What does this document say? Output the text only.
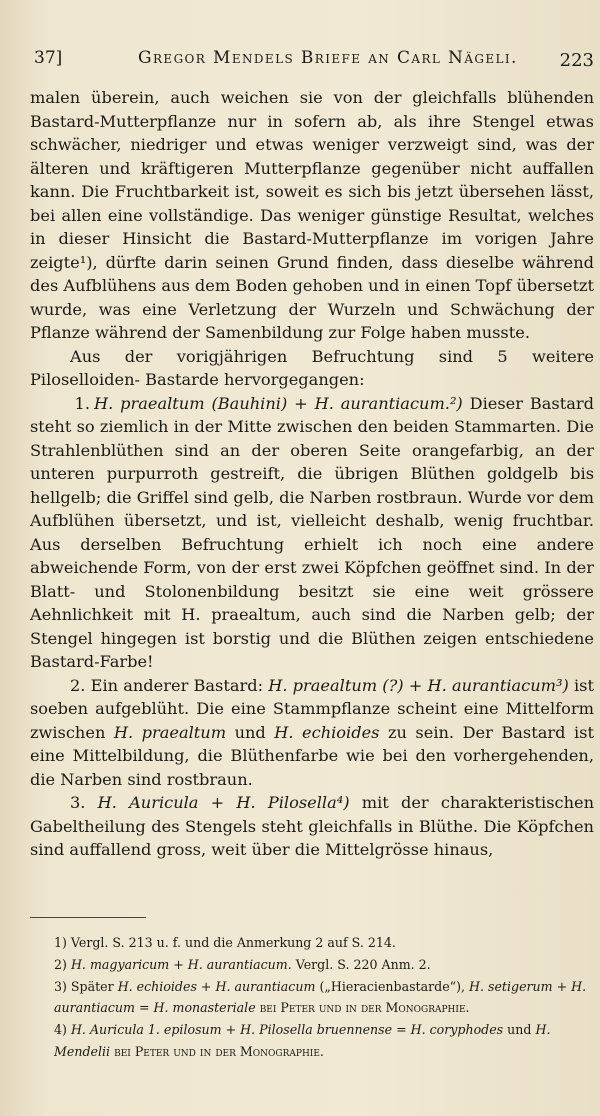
37]	Gregor Mendels Briefe an Carl Nägeli. 223

malen überein, auch weichen sie von der gleichfalls blühenden Bastard-Mutterpflanze nur in sofern ab, als ihre Stengel etwas schwächer, niedriger und etwas weniger verzweigt sind, was der älteren und kräftigeren Mutterpflanze gegenüber nicht auffallen kann. Die Fruchtbarkeit ist, soweit es sich bis jetzt übersehen lässt, bei allen eine vollständige. Das weniger günstige Resultat, welches in dieser Hinsicht die Bastard-Mutterpflanze im vorigen Jahre zeigte¹), dürfte darin seinen Grund finden, dass dieselbe während des Aufblühens aus dem Boden gehoben und in einen Topf übersetzt wurde, was eine Verletzung der Wurzeln und Schwächung der Pflanze während der Samenbildung zur Folge haben musste.

Aus der vorigjährigen Befruchtung sind 5 weitere Piloselloiden- Bastarde hervorgegangen:

1. H. praealtum (Bauhini) + H. aurantiacum.²) Dieser Bastard steht so ziemlich in der Mitte zwischen den beiden Stammarten. Die Strahlenblüthen sind an der oberen Seite orangefarbig, an der unteren purpurroth gestreift, die übrigen Blüthen goldgelb bis hellgelb; die Griffel sind gelb, die Narben rostbraun. Wurde vor dem Aufblühen übersetzt, und ist, vielleicht deshalb, wenig fruchtbar. Aus derselben Befruchtung erhielt ich noch eine andere abweichende Form, von der erst zwei Köpfchen geöffnet sind. In der Blatt- und Stolonenbildung besitzt sie eine weit grössere Aehnlichkeit mit H. praealtum, auch sind die Narben gelb; der Stengel hingegen ist borstig und die Blüthen zeigen entschiedene Bastard-Farbe!

2. Ein anderer Bastard: H. praealtum (?) + H. aurantiacum³) ist soeben aufgeblüht. Die eine Stammpflanze scheint eine Mittelform zwischen H. praealtum und H. echioides zu sein. Der Bastard ist eine Mittelbildung, die Blüthenfarbe wie bei den vorhergehenden, die Narben sind rostbraun.

3. H. Auricula + H. Pilosella⁴) mit der charakteristischen Gabeltheilung des Stengels steht gleichfalls in Blüthe. Die Köpfchen sind auffallend gross, weit über die Mittelgrösse hinaus,

1) Vergl. S. 213 u. f. und die Anmerkung 2 auf S. 214.
2) H. magyaricum + H. aurantiacum. Vergl. S. 220 Anm. 2.
3) Später H. echioides + H. aurantiacum („Hieracienbastarde“), H. setigerum + H. aurantiacum = H. monasteriale bei Peter und in der Monographie.
4) H. Auricula 1. epilosum + H. Pilosella bruennense = H. coryphodes und H. Mendelii bei Peter und in der Monographie.
